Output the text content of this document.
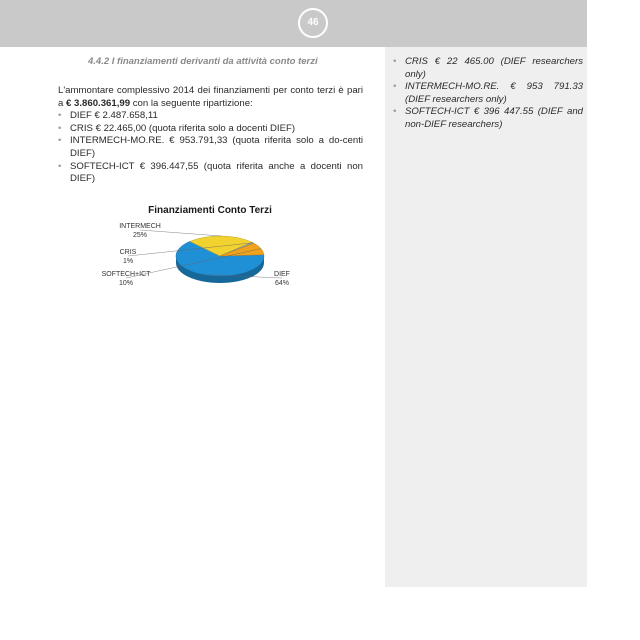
46
4.4.2 I finanziamenti derivanti da attività conto terzi

L'ammontare complessivo 2014 dei finanziamenti per conto terzi è pari a € 3.860.361,99 con la seguente ripartizione:

• DIEF € 2.487.658,11
• CRIS € 22.465,00 (quota riferita solo a docenti DIEF)
• INTERMECH-MO.RE. € 953.791,33 (quota riferita solo a do-centi DIEF)
• SOFTECH-ICT € 396.447,55 (quota riferita anche a docenti non DIEF)
• CRIS € 22 465.00 (DIEF researchers only)
• INTERMECH-MO.RE. € 953 791.33 (DIEF researchers only)
• SOFTECH-ICT € 396 447.55 (DIEF and non-DIEF researchers)
Finanziamenti Conto Terzi
DIEF
64%
INTERMECH
25%
CRIS
1%
SOFTECH+ICT
10%
